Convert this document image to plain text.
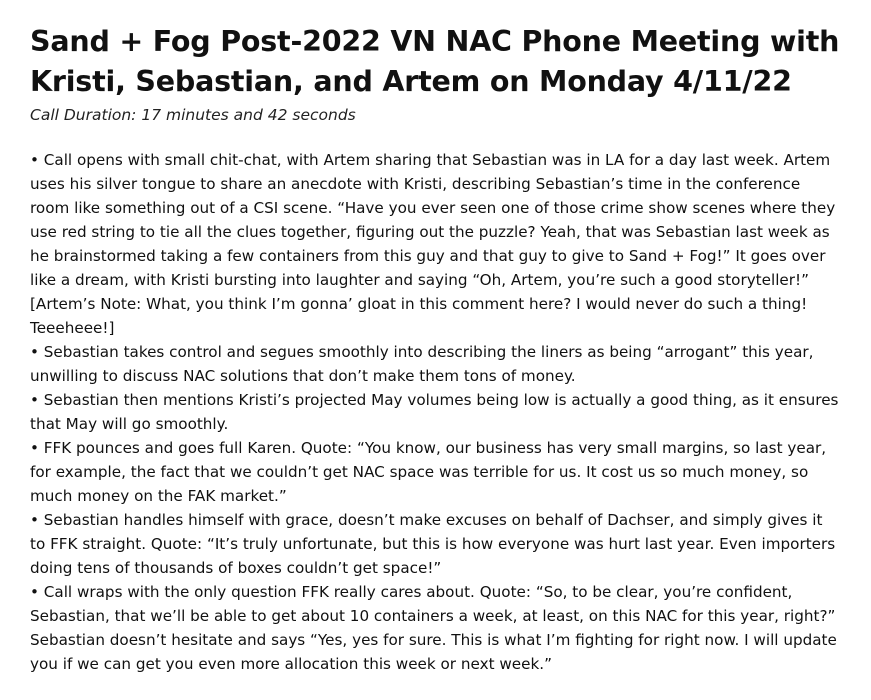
Sand + Fog Post-2022 VN NAC Phone Meeting with Kristi, Sebastian, and Artem on Monday 4/11/22
Call Duration: 17 minutes and 42 seconds

• Call opens with small chit-chat, with Artem sharing that Sebastian was in LA for a day last week. Artem uses his silver tongue to share an anecdote with Kristi, describing Sebastian’s time in the conference room like something out of a CSI scene. “Have you ever seen one of those crime show scenes where they use red string to tie all the clues together, figuring out the puzzle? Yeah, that was Sebastian last week as he brainstormed taking a few containers from this guy and that guy to give to Sand + Fog!” It goes over like a dream, with Kristi bursting into laughter and saying “Oh, Artem, you’re such a good storyteller!” [Artem’s Note: What, you think I’m gonna’ gloat in this comment here? I would never do such a thing! Teeeheee!]

• Sebastian takes control and segues smoothly into describing the liners as being “arrogant” this year, unwilling to discuss NAC solutions that don’t make them tons of money.

• Sebastian then mentions Kristi’s projected May volumes being low is actually a good thing, as it ensures that May will go smoothly.

• FFK pounces and goes full Karen. Quote: “You know, our business has very small margins, so last year, for example, the fact that we couldn’t get NAC space was terrible for us. It cost us so much money, so much money on the FAK market.”

• Sebastian handles himself with grace, doesn’t make excuses on behalf of Dachser, and simply gives it to FFK straight. Quote: “It’s truly unfortunate, but this is how everyone was hurt last year. Even importers doing tens of thousands of boxes couldn’t get space!”

• Call wraps with the only question FFK really cares about. Quote: “So, to be clear, you’re confident, Sebastian, that we’ll be able to get about 10 containers a week, at least, on this NAC for this year, right?” Sebastian doesn’t hesitate and says “Yes, yes for sure. This is what I’m fighting for right now. I will update you if we can get you even more allocation this week or next week.”
